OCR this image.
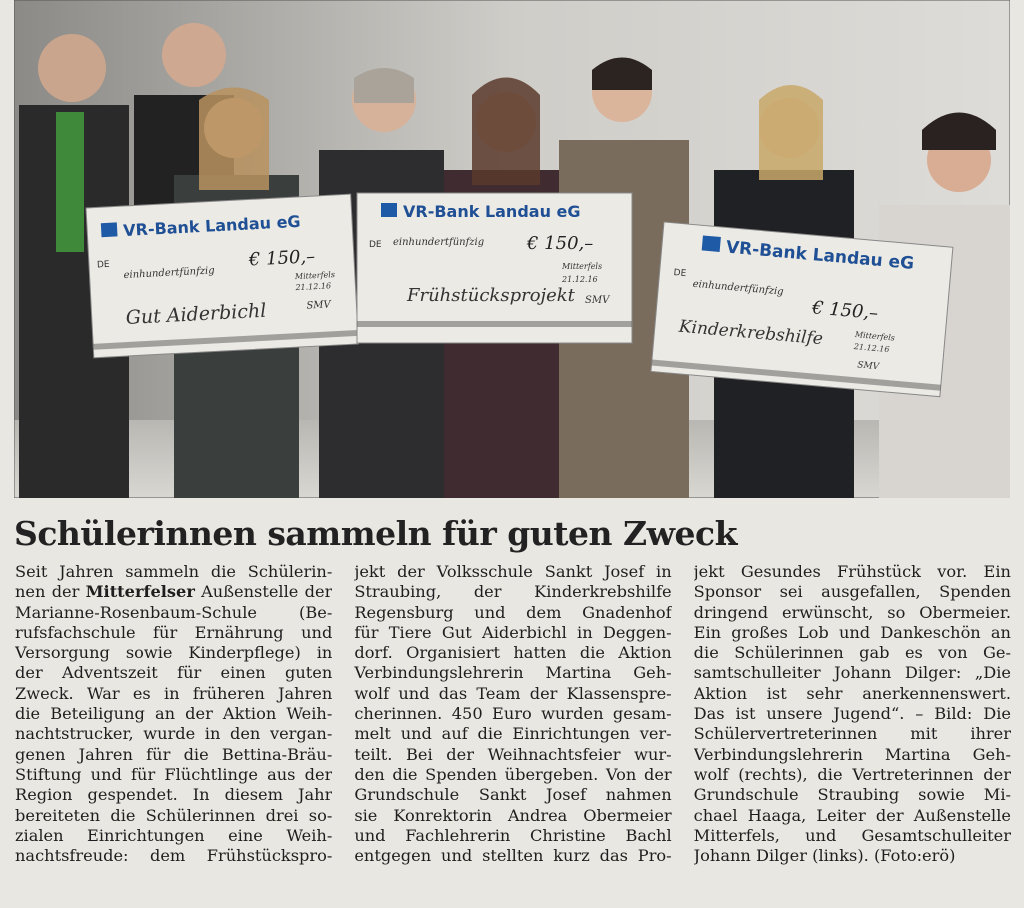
VR-Bank Landau eG
DE
einhundertfünfzig
€ 150,–
Mitterfels
21.12.16
Gut Aiderbichl	SMV
VR-Bank Landau eG
DE einhundertfünfzig € 150,–
Mitterfels
21.12.16
Frühstücksprojekt SMV
VR-Bank Landau eG
DE
einhundertfünfzig
€ 150,–
Mitterfels
21.12.16
Kinderkrebshilfe
SMV
Schülerinnen sammeln für guten Zweck
Seit Jahren sammeln die Schülerin-
nen der Mitterfelser Außenstelle der
Marianne-Rosenbaum-Schule (Be-
rufsfachschule für Ernährung und
Versorgung sowie Kinderpflege) in
der Adventszeit für einen guten
Zweck. War es in früheren Jahren
die Beteiligung an der Aktion Weih-
nachtstrucker, wurde in den vergan-
genen Jahren für die Bettina-Bräu-
Stiftung und für Flüchtlinge aus der
Region gespendet. In diesem Jahr
bereiteten die Schülerinnen drei so-
zialen Einrichtungen eine Weih-
nachtsfreude: dem Frühstückspro-
jekt der Volksschule Sankt Josef in
Straubing, der Kinderkrebshilfe
Regensburg und dem Gnadenhof
für Tiere Gut Aiderbichl in Deggen-
dorf. Organisiert hatten die Aktion
Verbindungslehrerin Martina Geh-
wolf und das Team der Klassenspre-
cherinnen. 450 Euro wurden gesam-
melt und auf die Einrichtungen ver-
teilt. Bei der Weihnachtsfeier wur-
den die Spenden übergeben. Von der
Grundschule Sankt Josef nahmen
sie Konrektorin Andrea Obermeier
und Fachlehrerin Christine Bachl
entgegen und stellten kurz das Pro-
jekt Gesundes Frühstück vor. Ein
Sponsor sei ausgefallen, Spenden
dringend erwünscht, so Obermeier.
Ein großes Lob und Dankeschön an
die Schülerinnen gab es von Ge-
samtschulleiter Johann Dilger: „Die
Aktion ist sehr anerkennenswert.
Das ist unsere Jugend“. – Bild: Die
Schülervertreterinnen mit ihrer
Verbindungslehrerin Martina Geh-
wolf (rechts), die Vertreterinnen der
Grundschule Straubing sowie Mi-
chael Haaga, Leiter der Außenstelle
Mitterfels, und Gesamtschulleiter
Johann Dilger (links). (Foto:erö)
